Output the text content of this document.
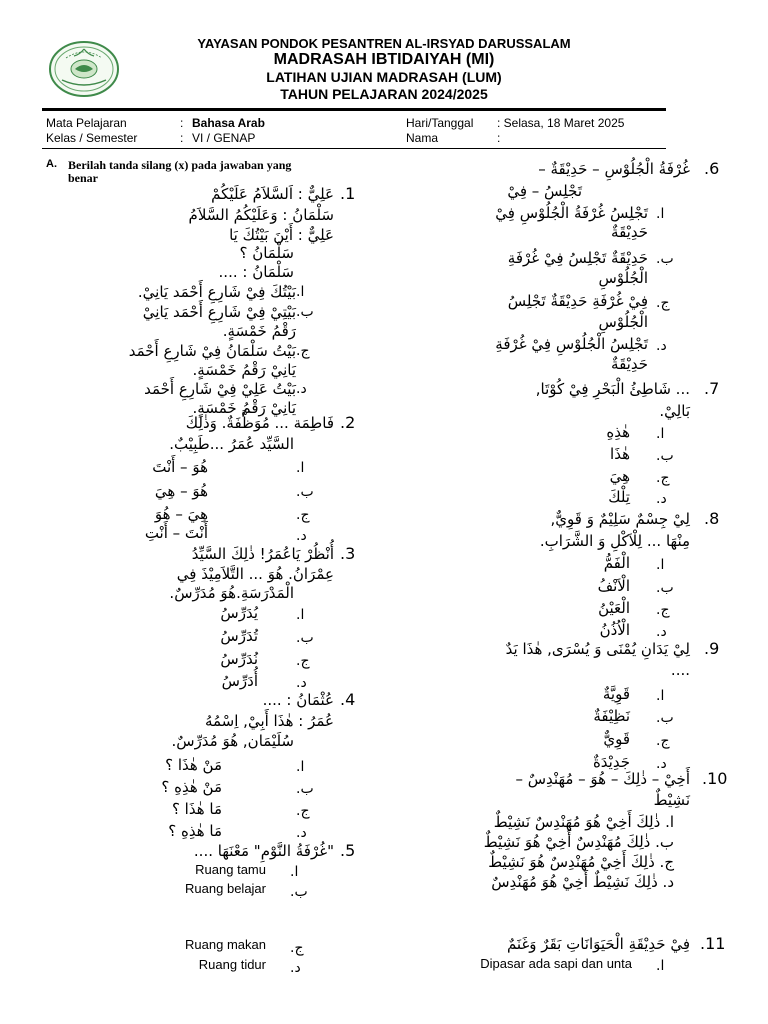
YAYASAN PONDOK PESANTREN AL-IRSYAD DARUSSALAM
MADRASAH IBTIDAIYAH (MI)
LATIHAN UJIAN MADRASAH (LUM)
TAHUN PELAJARAN 2024/2025
Mata Pelajaran	: Bahasa Arab
Kelas / Semester	: VI / GENAP
Hari/Tanggal : Selasa, 18 Maret 2025
Nama	:
A. Berilah tanda silang (x) pada jawaban yang
benar
.1
عَلِيٌّ : اَلسَّلاَمُ عَلَيْكُمْ
سَلْمَانُ : وَعَلَيْكُمُ السَّلاَمُ
عَلِيٌّ : أَيْنَ بَيْتُكَ يَا
سَلْمَانُ ؟
سَلْمَانُ : ....
.ا
بَيْتُكَ فِيْ شَارِعِ أَحْمَد يَانِيْ.
.ب
بَيْتِيْ فِيْ شَارِعِ أَحْمَد يَانِيْ
رَقْمُ خَمْسَةٍ.
.ج
بَيْتُ سَلْمَانُ فِيْ شَارِعِ أَحْمَد
يَانِيْ رَقْمُ خَمْسَةٍ.
.د
بَيْتُ عَلِيْ فِيْ شَارِعِ أَحْمَد
يَانِيْ رَقْمُ خَمْسَةٍ.
.2
فَاطِمَة ... مُوَظَّفَةٌ. وَذٰلِكَ
السَّيِّد عُمَرُ ...طَبِيْبٌ.
.ا
هُوَ – أَنْتَ
.ب
هُوَ – هِيَ
.ج
هِيَ – هُوَ
.د
أَنْتَ – أَنْتِ
.3
أُنْظُرْ يَاعُمَرُ! ذٰلِكَ السَّيِّدُ
عِمْرَانُ. هُوَ ... التَّلاَمِيْذَ فِي
الْمَدْرَسَةِ.هُوَ مُدَرِّسٌ.
.ا
يُدَرِّسُ
.ب
تُدَرِّسُ
.ج
نُدَرِّسُ
.د
أُدَرِّسُ
.4
عُثْمَانُ : ....
عُمَرُ : هٰذَا أَبِيْ, اِسْمُهُ
سُلَيْمَان, هُوَ مُدَرِّسٌ.
.ا
مَنْ هٰذَا ؟
.ب
مَنْ هٰذِهِ ؟
.ج
مَا هٰذَا ؟
.د
مَا هٰذِهِ ؟
.5
"غُرْفَةُ النَّوْمِ" مَعْنَهَا ....
.ا
Ruang tamu
.ب
Ruang belajar
.ج
Ruang makan
.د
Ruang tidur
.6
غُرْفَةُ الْجُلُوْسِ – حَدِيْقَةٌ –
تَجْلِسُ – فِيْ
.ا
تَجْلِسُ غُرْفَةُ الْجُلُوْسِ فِيْ
حَدِيْقَةٌ
.ب
حَدِيْقَةٌ تَجْلِسُ فِيْ غُرْفَةِ
الْجُلُوْسِ
.ج
فِيْ غُرْفَةِ حَدِيْقَةٌ تَجْلِسُ
الْجُلُوْسِ
.د
تَجْلِسُ الْجُلُوْسِ فِيْ غُرْفَةِ
حَدِيْقَةٌ
.7
... شَاطِئُ الْبَحْرِ فِيْ كُوْتَا,
بَالِيْ.
.ا
هٰذِهِ
.ب
هٰذَا
.ج
هِيَ
.د
تِلْكَ
.8
لِيْ جِسْمٌ سَلِيْمٌ وَ قَوِيٌّ,
مِنْهَا ... لِلْاَكْلِ وَ الشَّرَابِ.
.ا
الْفَمُّ
.ب
الْاَنْفُ
.ج
الْعَيْنُ
.د
الْاُذُنُ
.9
لِيْ يَدَانِ يُمْنَى وَ يُسْرَى, هٰذَا يَدٌ
....
.ا
قَوِيَّةٌ
.ب
نَظِيْفَةٌ
.ج
قَوِيٌّ
.د
جَدِيْدَةٌ
.10
أَخِيْ – ذٰلِكَ – هُوَ – مُهَنْدِسٌ –
نَشِيْطٌ
ا. ذٰلِكَ أَخِيْ هُوَ مُهَنْدِسٌ نَشِيْطٌ
ب. ذٰلِكَ مُهَنْدِسٌ أَخِيْ هُوَ نَشِيْطٌ
ج. ذٰلِكَ أَخِيْ مُهَنْدِسٌ هُوَ نَشِيْطٌ
د. ذٰلِكَ نَشِيْطٌ أَخِيْ هُوَ مُهَنْدِسٌ
.11
فِيْ حَدِيْقَةِ الْحَيَوَانَاتِ بَقَرٌ وَغَنَمٌ
.ا
Dipasar ada sapi dan unta
